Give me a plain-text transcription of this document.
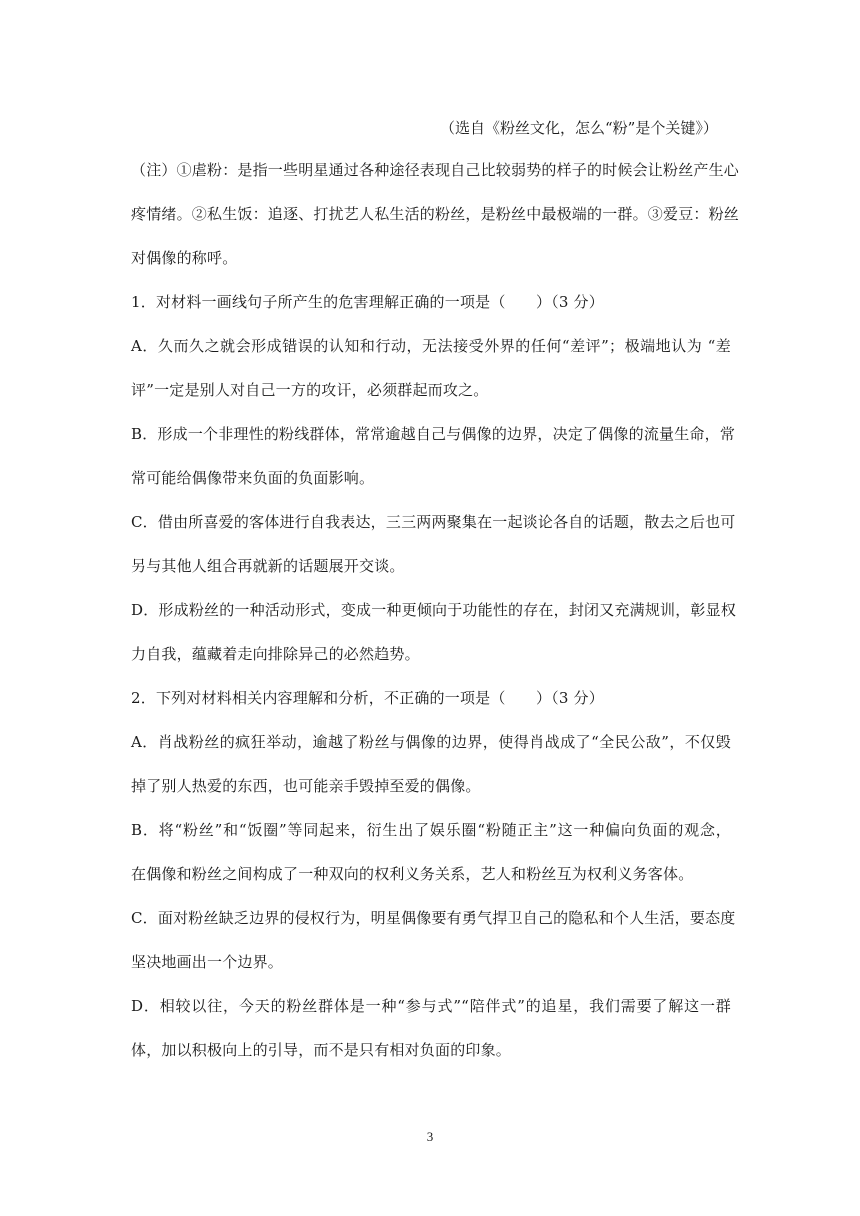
（选自《粉丝文化，怎么“粉”是个关键》）
（注）①虐粉：是指一些明星通过各种途径表现自己比较弱势的样子的时候会让粉丝产生心
疼情绪。②私生饭：追逐、打扰艺人私生活的粉丝，是粉丝中最极端的一群。③爱豆：粉丝
对偶像的称呼。
1．对材料一画线句子所产生的危害理解正确的一项是（　　）（3 分）
A．久而久之就会形成错误的认知和行动，无法接受外界的任何“差评”；极端地认为 “差
评”一定是别人对自己一方的攻讦，必须群起而攻之。
B．形成一个非理性的粉线群体，常常逾越自己与偶像的边界，决定了偶像的流量生命，常
常可能给偶像带来负面的负面影响。
C．借由所喜爱的客体进行自我表达，三三两两聚集在一起谈论各自的话题，散去之后也可
另与其他人组合再就新的话题展开交谈。
D．形成粉丝的一种活动形式，变成一种更倾向于功能性的存在，封闭又充满规训，彰显权
力自我，蕴藏着走向排除异己的必然趋势。
2．下列对材料相关内容理解和分析，不正确的一项是（　　）（3 分）
A．肖战粉丝的疯狂举动，逾越了粉丝与偶像的边界，使得肖战成了“全民公敌”，不仅毁
掉了别人热爱的东西，也可能亲手毁掉至爱的偶像。
B．将“粉丝”和“饭圈”等同起来，衍生出了娱乐圈“粉随正主”这一种偏向负面的观念，
在偶像和粉丝之间构成了一种双向的权利义务关系，艺人和粉丝互为权利义务客体。
C．面对粉丝缺乏边界的侵权行为，明星偶像要有勇气捍卫自己的隐私和个人生活，要态度
坚决地画出一个边界。
D．相较以往，今天的粉丝群体是一种“参与式”“陪伴式”的追星，我们需要了解这一群
体，加以积极向上的引导，而不是只有相对负面的印象。
3
